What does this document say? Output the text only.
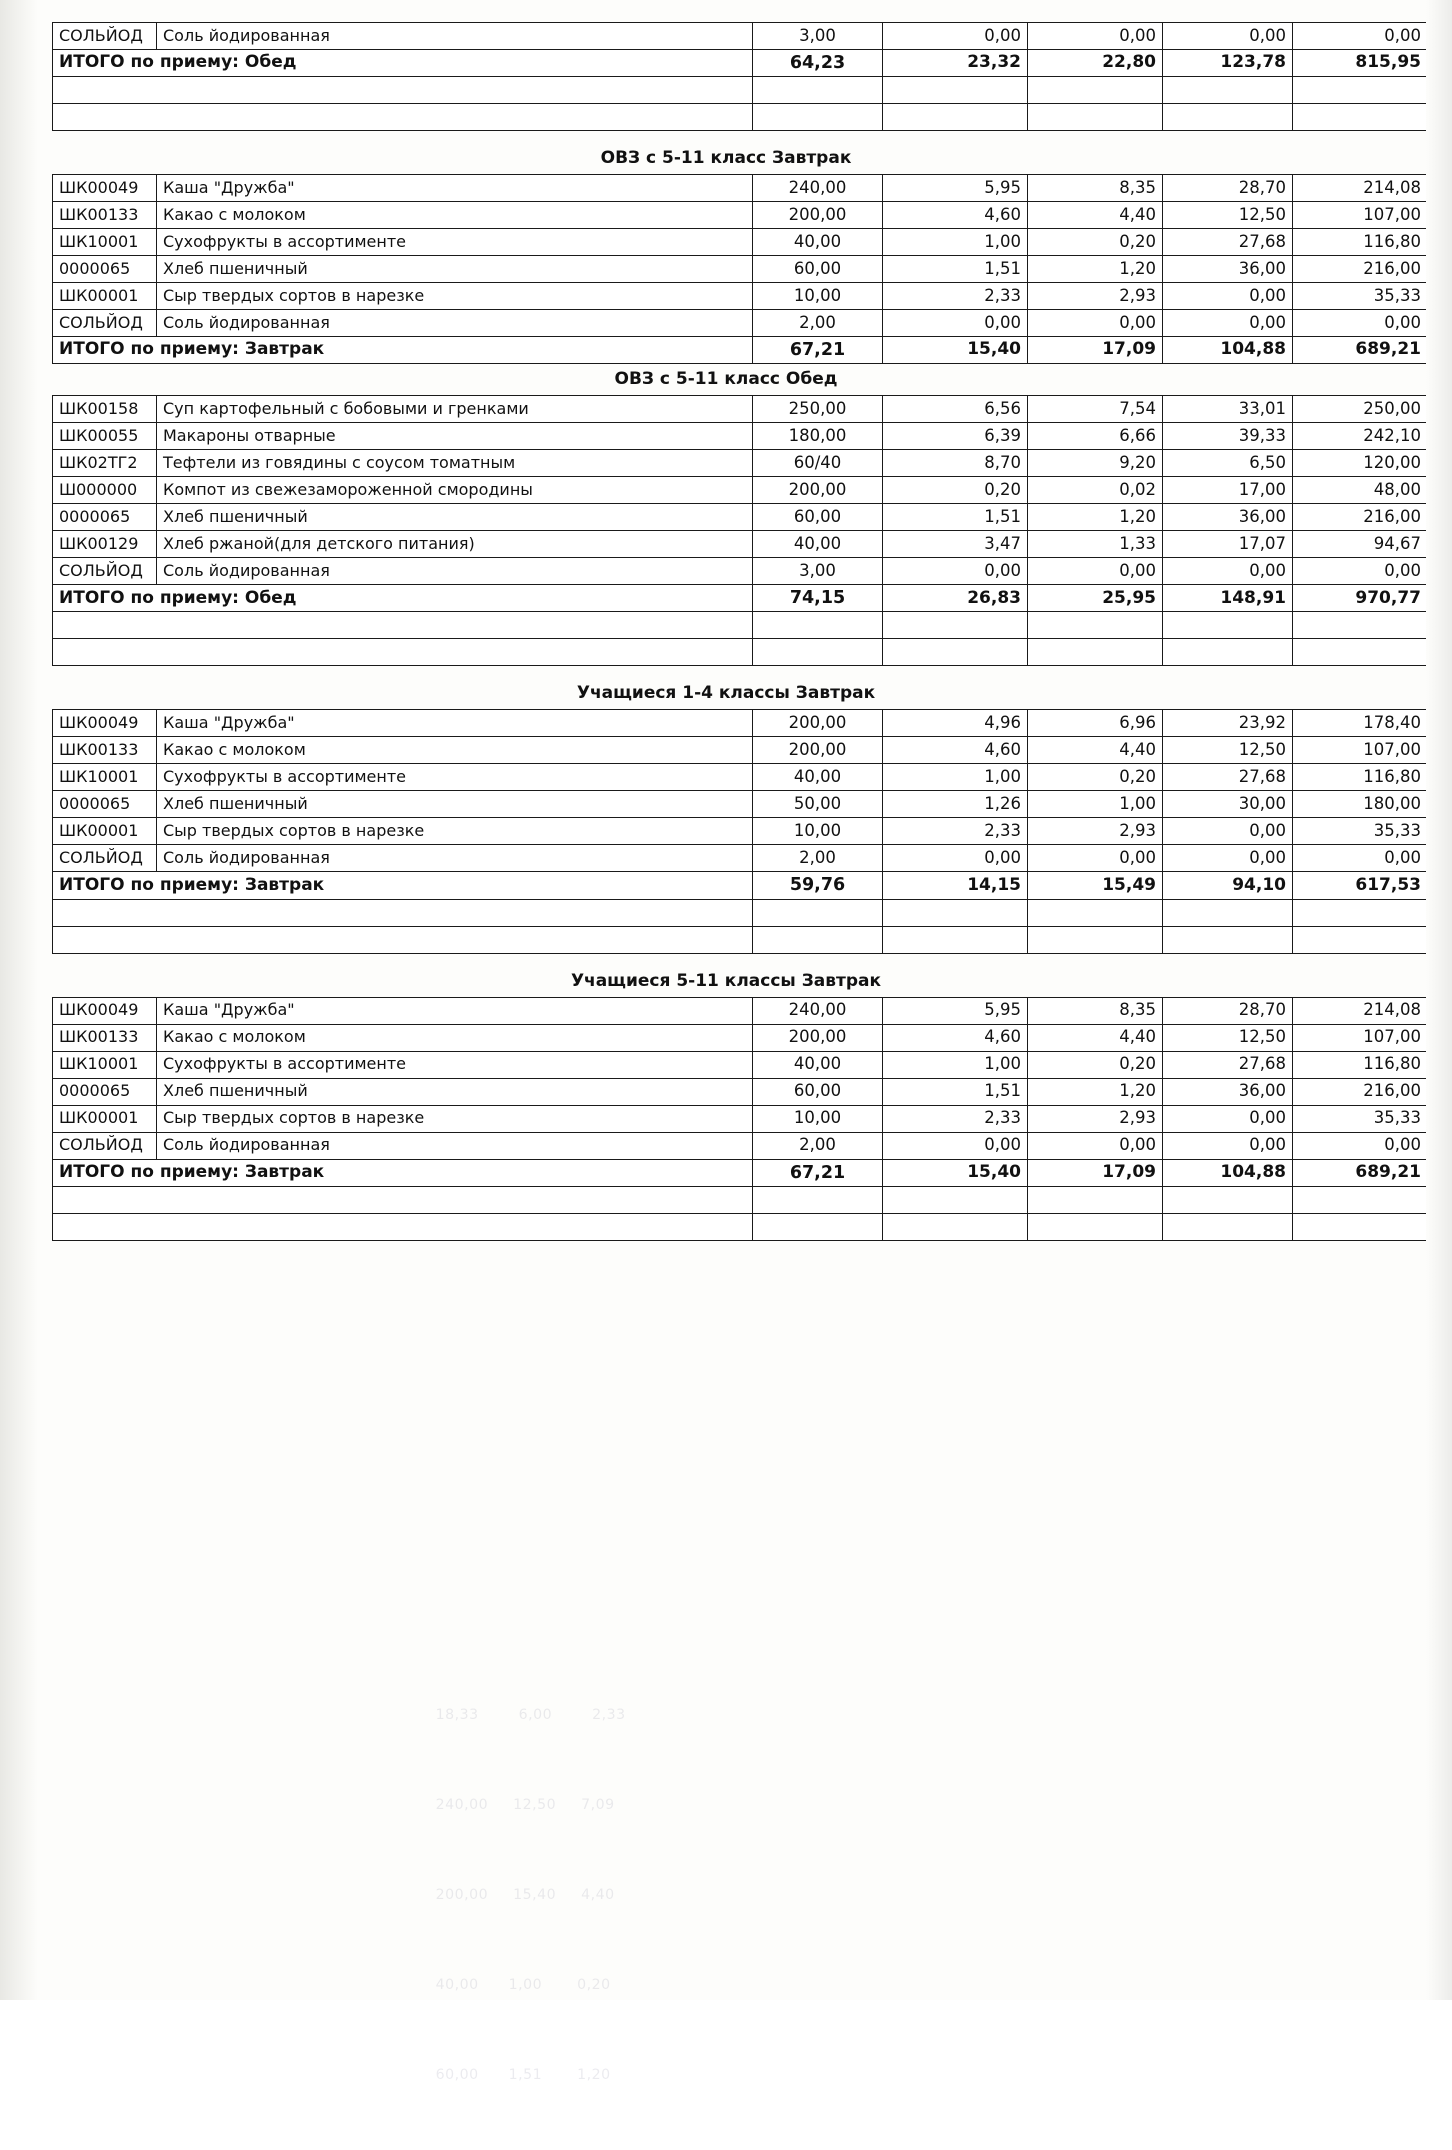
СОЛЬЙОД	Соль йодированная	3,00	0,00	0,00	0,00	0,00
ИТОГО по приему: Обед		64,23	23,32	22,80	123,78	815,95

ОВЗ с 5-11 класс Завтрак
ШК00049	Каша "Дружба"	240,00	5,95	8,35	28,70	214,08
ШК00133	Какао с молоком	200,00	4,60	4,40	12,50	107,00
ШК10001	Сухофрукты в ассортименте	40,00	1,00	0,20	27,68	116,80
0000065	Хлеб пшеничный	60,00	1,51	1,20	36,00	216,00
ШК00001	Сыр твердых сортов в нарезке	10,00	2,33	2,93	0,00	35,33
СОЛЬЙОД	Соль йодированная	2,00	0,00	0,00	0,00	0,00
ИТОГО по приему: Завтрак		67,21	15,40	17,09	104,88	689,21
ОВЗ с 5-11 класс Обед
ШК00158	Суп картофельный с бобовыми и гренками	250,00	6,56	7,54	33,01	250,00
ШК00055	Макароны отварные	180,00	6,39	6,66	39,33	242,10
ШК02ТГ2	Тефтели из говядины с соусом томатным	60/40	8,70	9,20	6,50	120,00
Ш000000	Компот из свежезамороженной смородины	200,00	0,20	0,02	17,00	48,00
0000065	Хлеб пшеничный	60,00	1,51	1,20	36,00	216,00
ШК00129	Хлеб ржаной(для детского питания)	40,00	3,47	1,33	17,07	94,67
СОЛЬЙОД	Соль йодированная	3,00	0,00	0,00	0,00	0,00
ИТОГО по приему: Обед		74,15	26,83	25,95	148,91	970,77

Учащиеся 1-4 классы Завтрак
ШК00049	Каша "Дружба"	200,00	4,96	6,96	23,92	178,40
ШК00133	Какао с молоком	200,00	4,60	4,40	12,50	107,00
ШК10001	Сухофрукты в ассортименте	40,00	1,00	0,20	27,68	116,80
0000065	Хлеб пшеничный	50,00	1,26	1,00	30,00	180,00
ШК00001	Сыр твердых сортов в нарезке	10,00	2,33	2,93	0,00	35,33
СОЛЬЙОД	Соль йодированная	2,00	0,00	0,00	0,00	0,00
ИТОГО по приему: Завтрак		59,76	14,15	15,49	94,10	617,53

Учащиеся 5-11 классы Завтрак
ШК00049	Каша "Дружба"	240,00	5,95	8,35	28,70	214,08
ШК00133	Какао с молоком	200,00	4,60	4,40	12,50	107,00
ШК10001	Сухофрукты в ассортименте	40,00	1,00	0,20	27,68	116,80
0000065	Хлеб пшеничный	60,00	1,51	1,20	36,00	216,00
ШК00001	Сыр твердых сортов в нарезке	10,00	2,33	2,93	0,00	35,33
СОЛЬЙОД	Соль йодированная	2,00	0,00	0,00	0,00	0,00
ИТОГО по приему: Завтрак		67,21	15,40	17,09	104,88	689,21

18,33        6,00        2,33

240,00     12,50     7,09

200,00     15,40     4,40

40,00      1,00       0,20

60,00      1,51       1,20
